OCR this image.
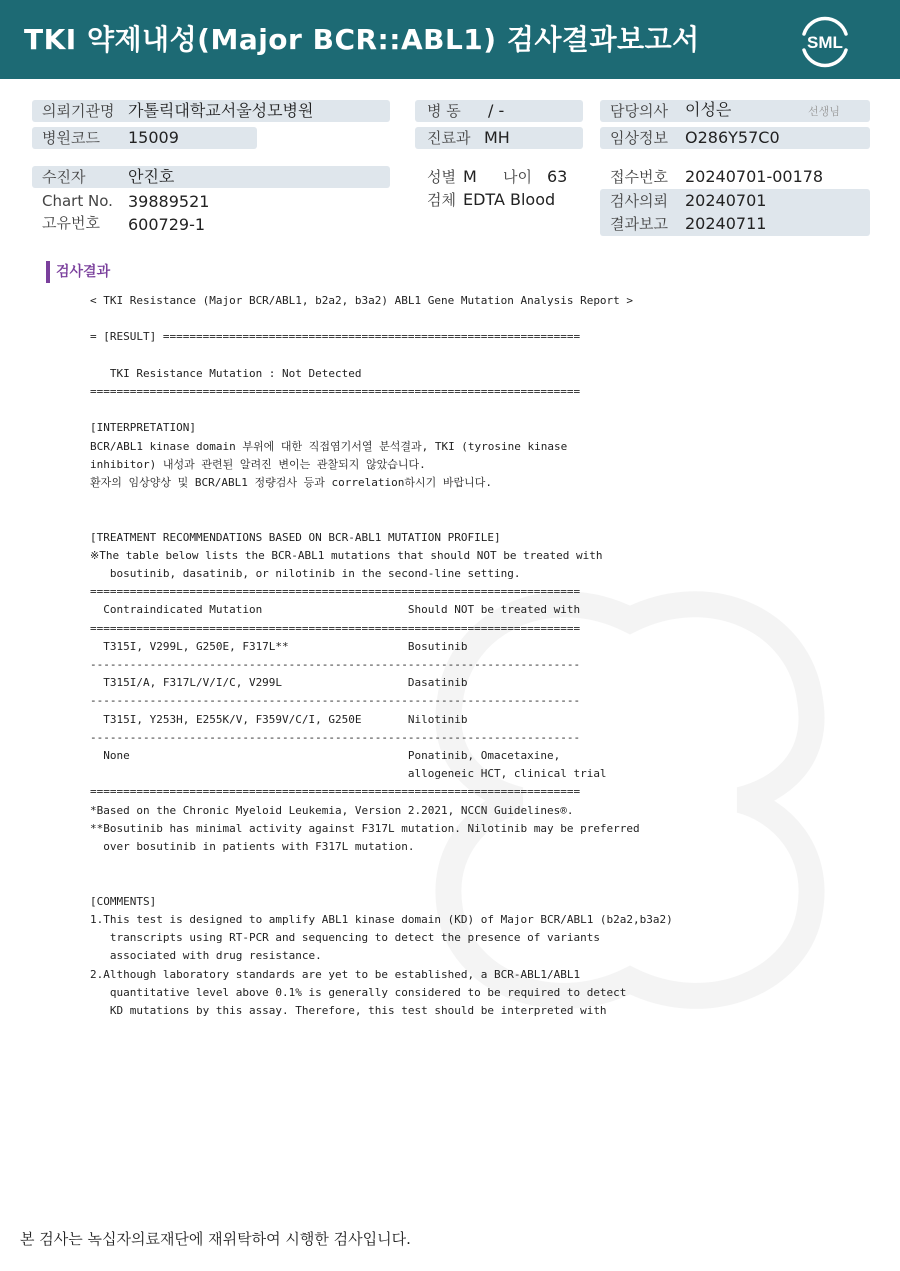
TKI 약제내성(Major BCR::ABL1) 검사결과보고서	SML
의뢰기관명 가톨릭대학교서울성모병원
병원코드 15009
수진자	안진호
Chart No. 39889521
고유번호 600729-1
병 동 / -
진료과 MH
성별 M 나이 63
검체 EDTA Blood
담당의사 이성은	선생님
임상정보 O286Y57C0
접수번호 20240701-00178
검사의뢰 20240701
결과보고 20240711
검사결과
< TKI Resistance (Major BCR/ABL1, b2a2, b3a2) ABL1 Gene Mutation Analysis Report >

= [RESULT] ===============================================================

TKI Resistance Mutation : Not Detected
==========================================================================

[INTERPRETATION]
BCR/ABL1 kinase domain 부위에 대한 직접염기서열 분석결과, TKI (tyrosine kinase
inhibitor) 내성과 관련된 알려진 변이는 관찰되지 않았습니다.
환자의 임상양상 및 BCR/ABL1 정량검사 등과 correlation하시기 바랍니다.

[TREATMENT RECOMMENDATIONS BASED ON BCR-ABL1 MUTATION PROFILE]
※The table below lists the BCR-ABL1 mutations that should NOT be treated with
bosutinib, dasatinib, or nilotinib in the second-line setting.
==========================================================================
Contraindicated Mutation                      Should NOT be treated with
==========================================================================
T315I, V299L, G250E, F317L**                  Bosutinib
--------------------------------------------------------------------------
T315I/A, F317L/V/I/C, V299L                   Dasatinib
--------------------------------------------------------------------------
T315I, Y253H, E255K/V, F359V/C/I, G250E       Nilotinib
--------------------------------------------------------------------------
None                                          Ponatinib, Omacetaxine,
allogeneic HCT, clinical trial
==========================================================================
*Based on the Chronic Myeloid Leukemia, Version 2.2021, NCCN Guidelines®.
**Bosutinib has minimal activity against F317L mutation. Nilotinib may be preferred
over bosutinib in patients with F317L mutation.

[COMMENTS]
1.This test is designed to amplify ABL1 kinase domain (KD) of Major BCR/ABL1 (b2a2,b3a2)
transcripts using RT-PCR and sequencing to detect the presence of variants
associated with drug resistance.
2.Although laboratory standards are yet to be established, a BCR-ABL1/ABL1
quantitative level above 0.1% is generally considered to be required to detect
KD mutations by this assay. Therefore, this test should be interpreted with
본 검사는 녹십자의료재단에 재위탁하여 시행한 검사입니다.
